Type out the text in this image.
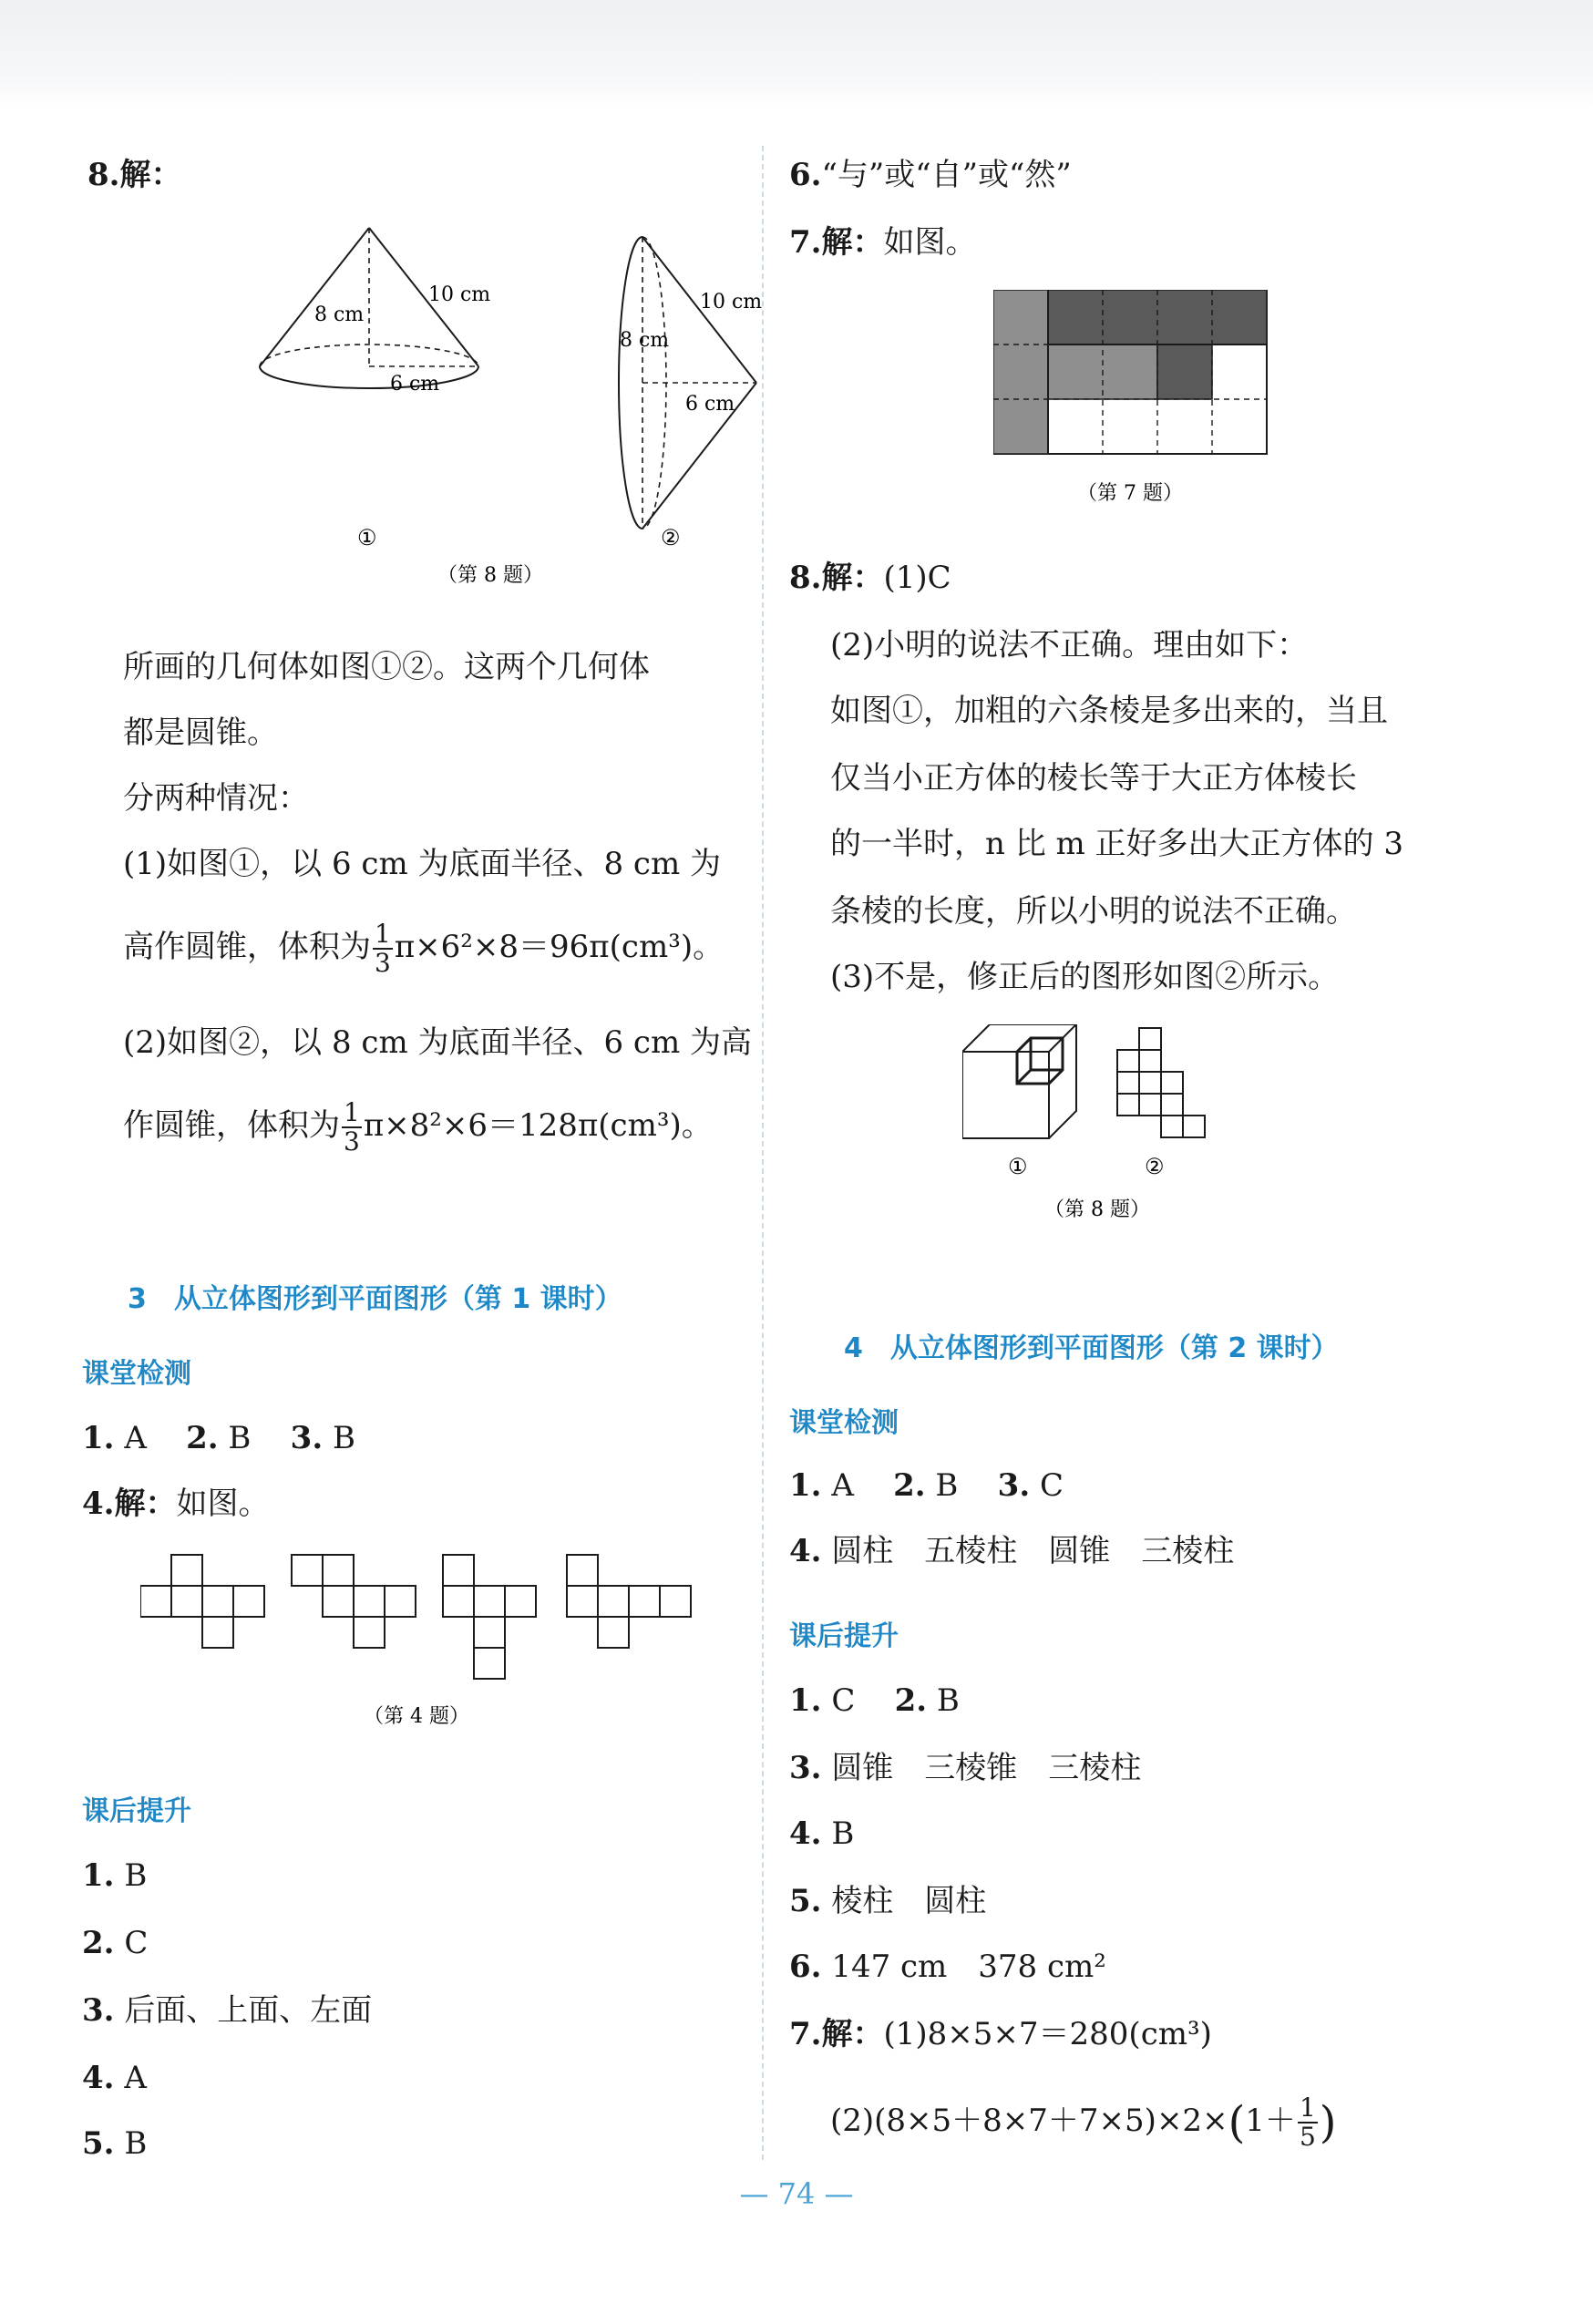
8.解：
10 cm
8 cm
6 cm
①
10 cm
8 cm
6 cm
②
（第 8 题）
所画的几何体如图①②。这两个几何体
都是圆锥。
分两种情况：
(1)如图①，以 6 cm 为底面半径、8 cm 为
高作圆锥，体积为 $\frac{1}{3} \pi\times 6^2\times 8=96\pi(cm^3)$。
(2)如图②，以 8 cm 为底面半径、6 cm 为高
作圆锥，体积为 $\frac{1}{3} \pi\times 8^2\times 6=128\pi(cm^3)$。
3　从立体图形到平面图形（第 1 课时）
课堂检测
1. A 2. B 3. B
4.解：如图。
（第 4 题）
课后提升
1. B
2. C
3. 后面、上面、左面
4. A
5. B
6.“与”或“自”或“然”
7.解：如图。
（第 7 题）
8.解：(1)C
(2)小明的说法不正确。理由如下：
如图①，加粗的六条棱是多出来的，当且
仅当小正方体的棱长等于大正方体棱长
的一半时，n 比 m 正好多出大正方体的 3
条棱的长度，所以小明的说法不正确。
(3)不是，修正后的图形如图②所示。
①	②
（第 8 题）
4　从立体图形到平面图形（第 2 课时）
课堂检测
1. A 2. B 3. C
4. 圆柱　五棱柱　圆锥　三棱柱
课后提升
1. C 2. B
3. 圆锥　三棱锥　三棱柱
4. B
5. 棱柱　圆柱
6. 147 cm　378 cm²
7.解：(1)8×5×7＝280(cm³)
$(2)(8\times 5+8\times 7+7\times 5)\times 2\times(1+ \frac{1}{5}$ )
— 74 —
